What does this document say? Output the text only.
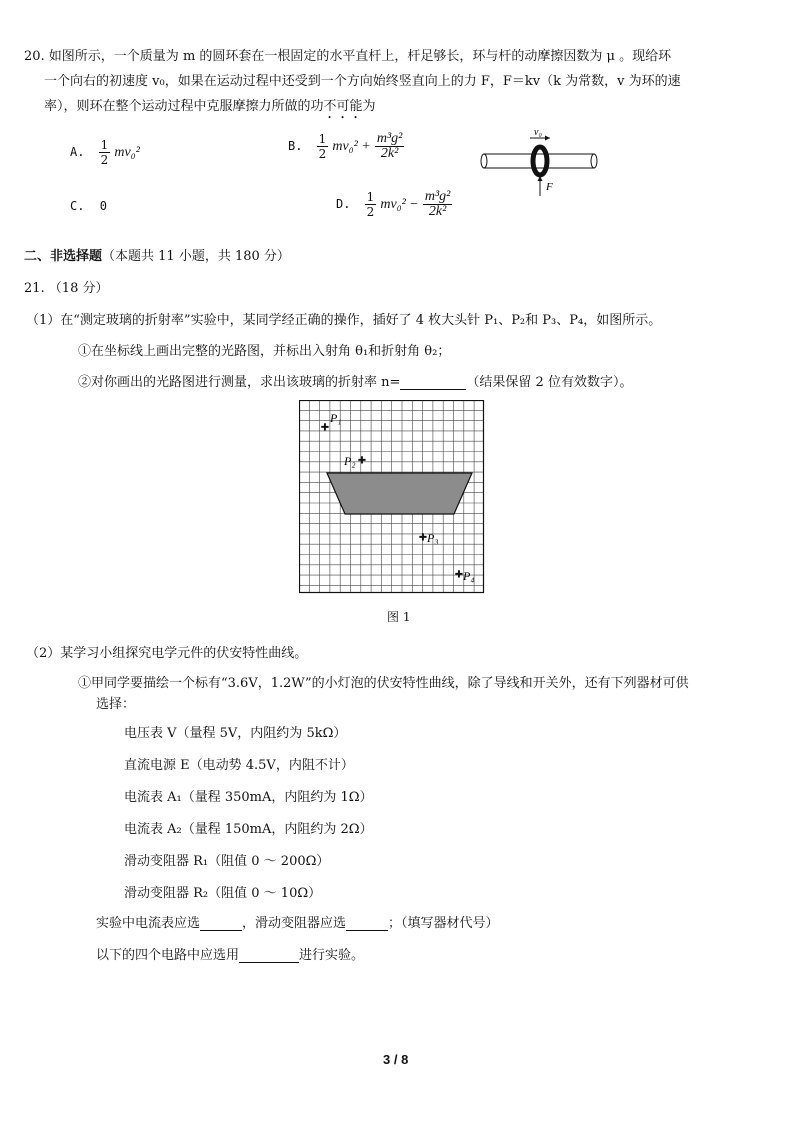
20. 如图所示，一个质量为 m 的圆环套在一根固定的水平直杆上，杆足够长，环与杆的动摩擦因数为 μ 。现给环
一个向右的初速度 v₀，如果在运动过程中还受到一个方向始终竖直向上的力 F，F＝kv（k 为常数，v 为环的速
率），则环在整个运动过程中克服摩擦力所做的功不可能为
A. $\frac{1}{2} mv_0^2$	B. $\frac{1}{2} mv_0^2 + \frac{\text{m³g²}}{\text{2k²}}$	v₀
F
C. 0	D. $\frac{1}{2} mv_0^2 - \frac{\text{m³g²}}{\text{2k²}}$
二、非选择题（本题共 11 小题，共 180 分）
21. （18 分）
（1）在“测定玻璃的折射率”实验中，某同学经正确的操作，插好了 4 枚大头针 P₁、P₂和 P₃、P₄，如图所示。
①在坐标线上画出完整的光路图，并标出入射角 θ₁和折射角 θ₂；
②对你画出的光路图进行测量，求出该玻璃的折射率 n=	（结果保留 2 位有效数字）。
✚
P₁
✚
P₂
✚ P₃
✚ P₄
图 1
（2）某学习小组探究电学元件的伏安特性曲线。
①甲同学要描绘一个标有“3.6V，1.2W”的小灯泡的伏安特性曲线，除了导线和开关外，还有下列器材可供
选择：
电压表 V（量程 5V，内阻约为 5kΩ）
直流电源 E（电动势 4.5V，内阻不计）
电流表 A₁（量程 350mA，内阻约为 1Ω）
电流表 A₂（量程 150mA，内阻约为 2Ω）
滑动变阻器 R₁（阻值 0 ～ 200Ω）
滑动变阻器 R₂（阻值 0 ～ 10Ω）
实验中电流表应选	，滑动变阻器应选	；（填写器材代号）
以下的四个电路中应选用	进行实验。
3 / 8
